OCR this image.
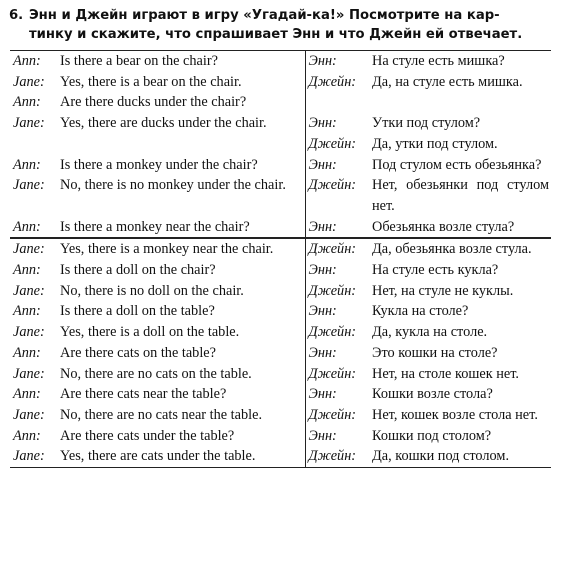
6. Энн и Джейн играют в игру «Угадай-ка!» Посмотрите на кар-
тинку и скажите, что спрашивает Энн и что Джейн ей отвечает.
Ann:	Is there a bear on the chair?	Энн:	На стуле есть мишка?
Jane:	Yes, there is a bear on the chair.	Джейн:	Да, на стуле есть мишка.
Ann:	Are there ducks under the chair?		
Jane:	Yes, there are ducks under the chair.	Энн:	Утки под стулом?
		Джейн:	Да, утки под стулом.
Ann:	Is there a monkey under the chair?	Энн:	Под стулом есть обезьянка?
Jane:	No, there is no monkey under the chair.	Джейн:	Нет, обезьянки под стулом нет.
Ann:	Is there a monkey near the chair?	Энн:	Обезьянка возле стула?
Jane:	Yes, there is a monkey near the chair.	Джейн:	Да, обезьянка возле стула.
Ann:	Is there a doll on the chair?	Энн:	На стуле есть кукла?
Jane:	No, there is no doll on the chair.	Джейн:	Нет, на стуле не куклы.
Ann:	Is there a doll on the table?	Энн:	Кукла на столе?
Jane:	Yes, there is a doll on the table.	Джейн:	Да, кукла на столе.
Ann:	Are there cats on the table?	Энн:	Это кошки на столе?
Jane:	No, there are no cats on the table.	Джейн:	Нет, на столе кошек нет.
Ann:	Are there cats near the table?	Энн:	Кошки возле стола?
Jane:	No, there are no cats near the table.	Джейн:	Нет, кошек возле стола нет.
Ann:	Are there cats under the table?	Энн:	Кошки под столом?
Jane:	Yes, there are cats under the table.	Джейн:	Да, кошки под столом.
